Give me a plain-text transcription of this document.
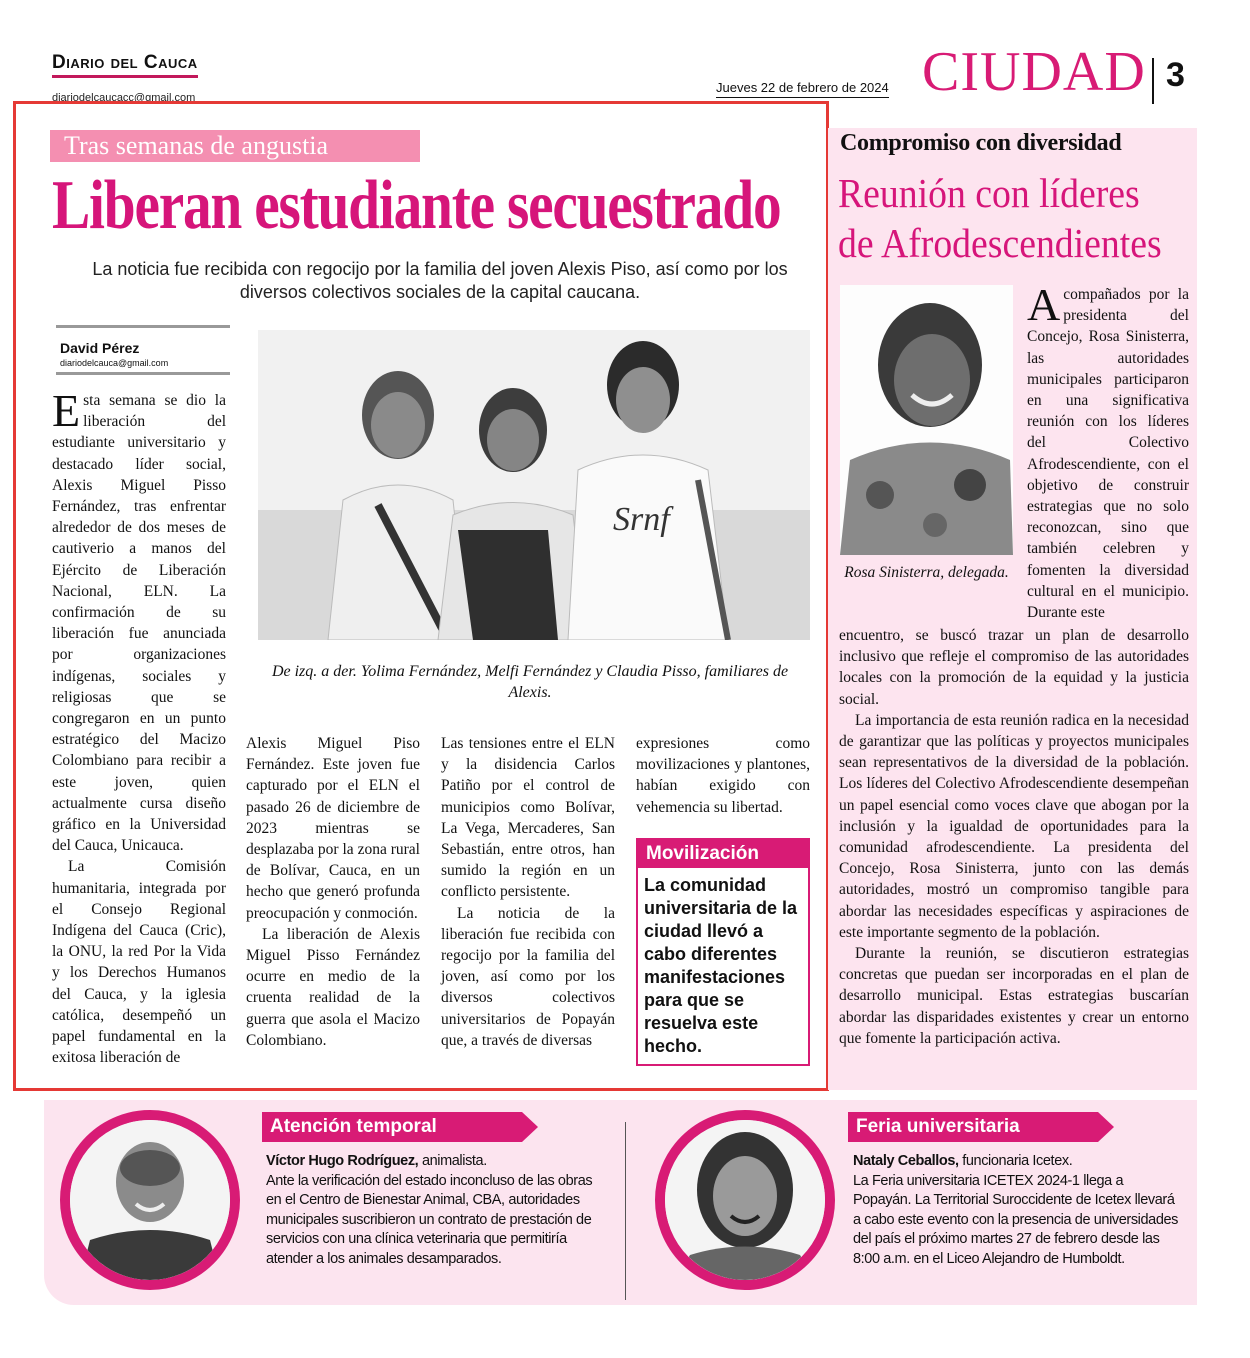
Diario del Cauca
diariodelcaucacc@gmail.com
Jueves 22 de febrero de 2024 CIUDAD 3
Tras semanas de angustia
Liberan estudiante secuestrado
La noticia fue recibida con regocijo por la familia del joven Alexis Piso, así como por los diversos colectivos sociales de la capital caucana.
David Pérez
diariodelcauca@gmail.com

Esta semana se dio la liberación del estudiante universitario y destacado líder social, Alexis Miguel Pisso Fernández, tras enfrentar alrededor de dos meses de cautiverio a manos del Ejército de Liberación Nacional, ELN. La confirmación de su liberación fue anunciada por organizaciones indígenas, sociales y religiosas que se congregaron en un punto estratégico del Macizo Colombiano para recibir a este joven, quien actualmente cursa diseño gráfico en la Universidad del Cauca, Unicauca.

La Comisión humanitaria, integrada por el Consejo Regional Indígena del Cauca (Cric), la ONU, la red Por la Vida y los Derechos Humanos del Cauca, y la iglesia católica, desempeñó un papel fundamental en la exitosa liberación de

Srnf
De izq. a der. Yolima Fernández, Melfi Fernández y Claudia Pisso, familiares de Alexis.

Alexis Miguel Piso Fernández. Este joven fue capturado por el ELN el pasado 26 de diciembre de 2023 mientras se desplazaba por la zona rural de Bolívar, Cauca, en un hecho que generó profunda preocupación y conmoción.

La liberación de Alexis Miguel Pisso Fernández ocurre en medio de la cruenta realidad de la guerra que asola el Macizo Colombiano.

Las tensiones entre el ELN y la disidencia Carlos Patiño por el control de municipios como Bolívar, La Vega, Mercaderes, San Sebastián, entre otros, han sumido la región en un conflicto persistente.

La noticia de la liberación fue recibida con regocijo por la familia del joven, así como por los diversos colectivos universitarios de Popayán que, a través de diversas

expresiones como movilizaciones y plantones, habían exigido con vehemencia su libertad.

Movilización
La comunidad universitaria de la ciudad llevó a cabo diferentes manifestaciones para que se resuelva este hecho.
Compromiso con diversidad
Reunión con líderes
de Afrodescendientes
Rosa Sinisterra, delegada.

Acompañados por la presidenta del Concejo, Rosa Sinisterra, las autoridades municipales participaron en una significativa reunión con los líderes del Colectivo Afrodescendiente, con el objetivo de construir estrategias que no solo reconozcan, sino que también celebren y fomenten la diversidad cultural en el municipio. Durante este

encuentro, se buscó trazar un plan de desarrollo inclusivo que refleje el compromiso de las autoridades locales con la promoción de la equidad y la justicia social.

La importancia de esta reunión radica en la necesidad de garantizar que las políticas y proyectos municipales sean representativos de la diversidad de la población. Los líderes del Colectivo Afrodescendiente desempeñan un papel esencial como voces clave que abogan por la inclusión y la igualdad de oportunidades para la comunidad afrodescendiente. La presidenta del Concejo, Rosa Sinisterra, junto con las demás autoridades, mostró un compromiso tangible para abordar las necesidades específicas y aspiraciones de este importante segmento de la población.

Durante la reunión, se discutieron estrategias concretas que puedan ser incorporadas en el plan de desarrollo municipal. Estas estrategias buscarían abordar las disparidades existentes y crear un entorno que fomente la participación activa.

Atención temporal
Víctor Hugo Rodríguez, animalista.
Ante la verificación del estado inconcluso de las obras en el Centro de Bienestar Animal, CBA, autoridades municipales suscribieron un contrato de prestación de servicios con una clínica veterinaria que permitiría atender a los animales desamparados.
Feria universitaria
Nataly Ceballos, funcionaria Icetex.
La Feria universitaria ICETEX 2024-1 llega a Popayán. La Territorial Suroccidente de Icetex llevará a cabo este evento con la presencia de universidades del país el próximo martes 27 de febrero desde las 8:00 a.m. en el Liceo Alejandro de Humboldt.
